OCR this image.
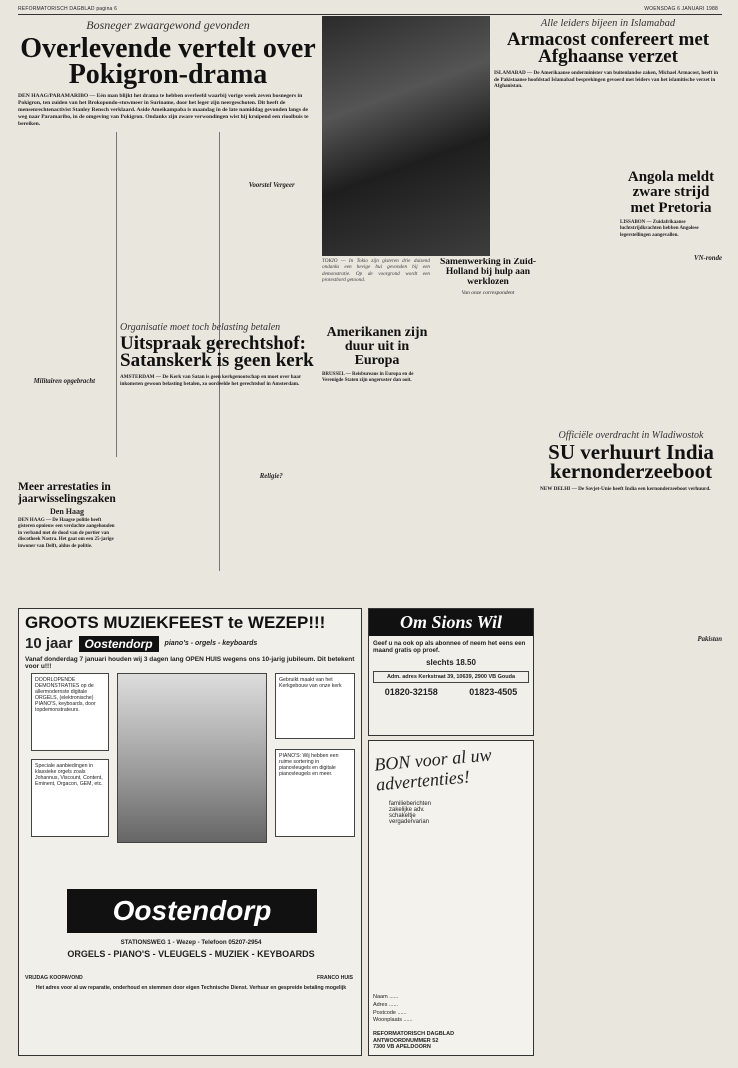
REFORMATORISCH DAGBLAD pagina 6	WOENSDAG 6 JANUARI 1988
Bosneger zwaargewond gevonden
Overlevende vertelt over Pokigron-drama
DEN HAAG/PARAMARIBO — Eén man blijkt het drama te hebben overleefd waarbij vorige week zeven bosnegers in Pokigron, ten zuiden van het Brokopondo-stuwmeer in Suriname, door het leger zijn neergeschoten. Dit heeft de mensenrechtenactivist Stanley Rensch verklaard. Aside Ameikampaba is maandag in de late namiddag gevonden langs de weg naar Paramaribo, in de omgeving van Pokigron. Ondanks zijn zware verwondingen wist hij kruipend een rioolbuis te bereiken.
Militairen opgebracht
Voorstel Vergeer
Meer arrestaties in jaarwisselingszaken
Den Haag
DEN HAAG — De Haagse politie heeft gisteren opnieuw een verdachte aangehouden in verband met de dood van de portier van discotheek Nastra. Het gaat om een 25-jarige inwoner van Delft, aldus de politie.
TOKIO — In Tokio zijn gisteren drie duizend ondanks een hevige bui gevonden bij een demonstratie. Op de voorgrond wordt een protestbord getoond.
Organisatie moet toch belasting betalen
Uitspraak gerechtshof: Satanskerk is geen kerk
AMSTERDAM — De Kerk van Satan is geen kerkgenootschap en moet over haar inkomsten gewoon belasting betalen, zo oordeelde het gerechtshof in Amsterdam.
Religie?
Samenwerking in Zuid-Holland bij hulp aan werklozen
Van onze correspondent
Amerikanen zijn duur uit in Europa
BRUSSEL — Reisbureaus in Europa en de Verenigde Staten zijn ongeruster dan ooit.
Alle leiders bijeen in Islamabad
Armacost confereert met Afghaanse verzet
ISLAMABAD — De Amerikaanse onderminister van buitenlandse zaken, Michael Armacost, heeft in de Pakistaanse hoofdstad Islamabad besprekingen gevoerd met leiders van het islamitische verzet in Afghanistan.
VN-ronde
Angola meldt zware strijd met Pretoria
LISSABON — Zuidafrikaanse luchtstrijdkrachten hebben Angolese legerstellingen aangevallen.
Officiële overdracht in Wladiwostok
SU verhuurt India kernonderzeeboot
NEW DELHI — De Sovjet-Unie heeft India een kernonderzeeboot verhuurd.
Pakistan
GROOTS MUZIEKFEEST te WEZEP!!!
10 jaar	Oostendorp	piano's - orgels - keyboards
Vanaf donderdag 7 januari houden wij 3 dagen lang OPEN HUIS wegens ons 10-jarig jubileum. Dit betekent voor u!!!
DOORLOPENDE DEMONSTRATIES op de allermodernste digitale ORGELS, (elektronische) PIANO'S, keyboards, door topdemonstrateurs.
Gebruikt maakt van het Kerkgebouw van onze kerk
Speciale aanbiedingen in klassieke orgels zoals Johannus, Viscount, Content, Eminent, Orgacon, GEM, etc.
PIANO'S: Wij hebben een ruime sortering in pianovleugels en digitale pianovleugels en meer.
Oostendorp
STATIONSWEG 1 - Wezep - Telefoon 05207-2954
ORGELS - PIANO'S - VLEUGELS - MUZIEK - KEYBOARDS
VRIJDAG KOOPAVOND
Het adres voor al uw reparatie, onderhoud en stemmen door eigen Technische Dienst. Verhuur en gespreide betaling mogelijk
FRANCO HUIS
Om Sions Wil
Geef u na ook op als abonnee of neem het eens een maand gratis op proef.
slechts 18.50
Adm. adres Kerkstraat 39, 10639, 2900 VB Gouda
01820-32158	01823-4505
BON voor al uw advertenties!
familieberichten
zakelijke adv.
schakeltje
vergadervarian
Naam ......
Adres ......
Postcode ......
Woonplaats ......
REFORMATORISCH DAGBLAD
ANTWOORDNUMMER 52
7300 VB APELDOORN
